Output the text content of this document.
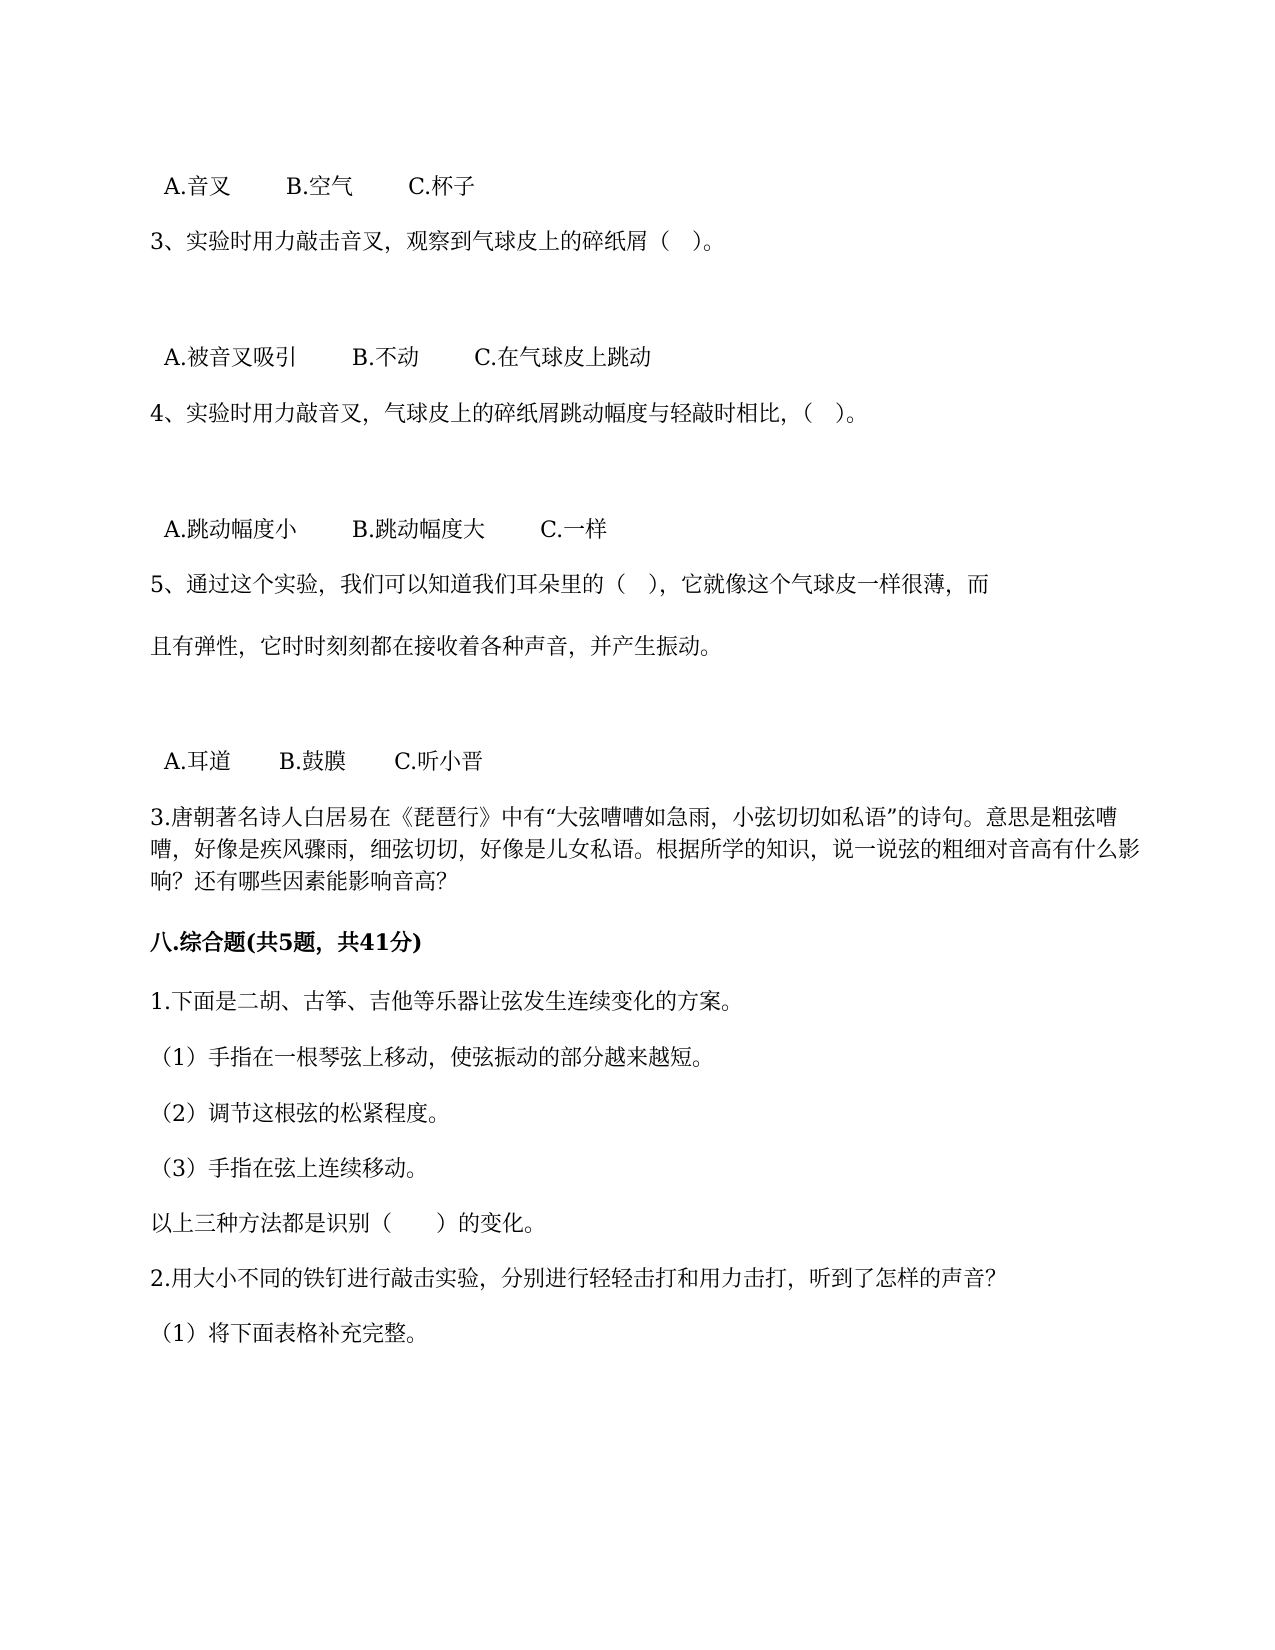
A.音叉	B.空气	C.杯子

3、实验时用力敲击音叉，观察到气球皮上的碎纸屑（　）。

A.被音叉吸引	B.不动	C.在气球皮上跳动

4、实验时用力敲音叉，气球皮上的碎纸屑跳动幅度与轻敲时相比，（　）。

A.跳动幅度小	B.跳动幅度大	C.一样

5、通过这个实验，我们可以知道我们耳朵里的（　），它就像这个气球皮一样很薄，而
且有弹性，它时时刻刻都在接收着各种声音，并产生振动。

A.耳道 B.鼓膜 C.听小晋

3.唐朝著名诗人白居易在《琵琶行》中有“大弦嘈嘈如急雨，小弦切切如私语”的诗句。意思是粗弦嘈嘈，好像是疾风骤雨，细弦切切，好像是儿女私语。根据所学的知识，说一说弦的粗细对音高有什么影响？还有哪些因素能影响音高？
八.综合题(共5题，共41分)
1.下面是二胡、古筝、吉他等乐器让弦发生连续变化的方案。
（1）手指在一根琴弦上移动，使弦振动的部分越来越短。
（2）调节这根弦的松紧程度。
（3）手指在弦上连续移动。
以上三种方法都是识别（　　）的变化。
2.用大小不同的铁钉进行敲击实验，分别进行轻轻击打和用力击打，听到了怎样的声音？
（1）将下面表格补充完整。
